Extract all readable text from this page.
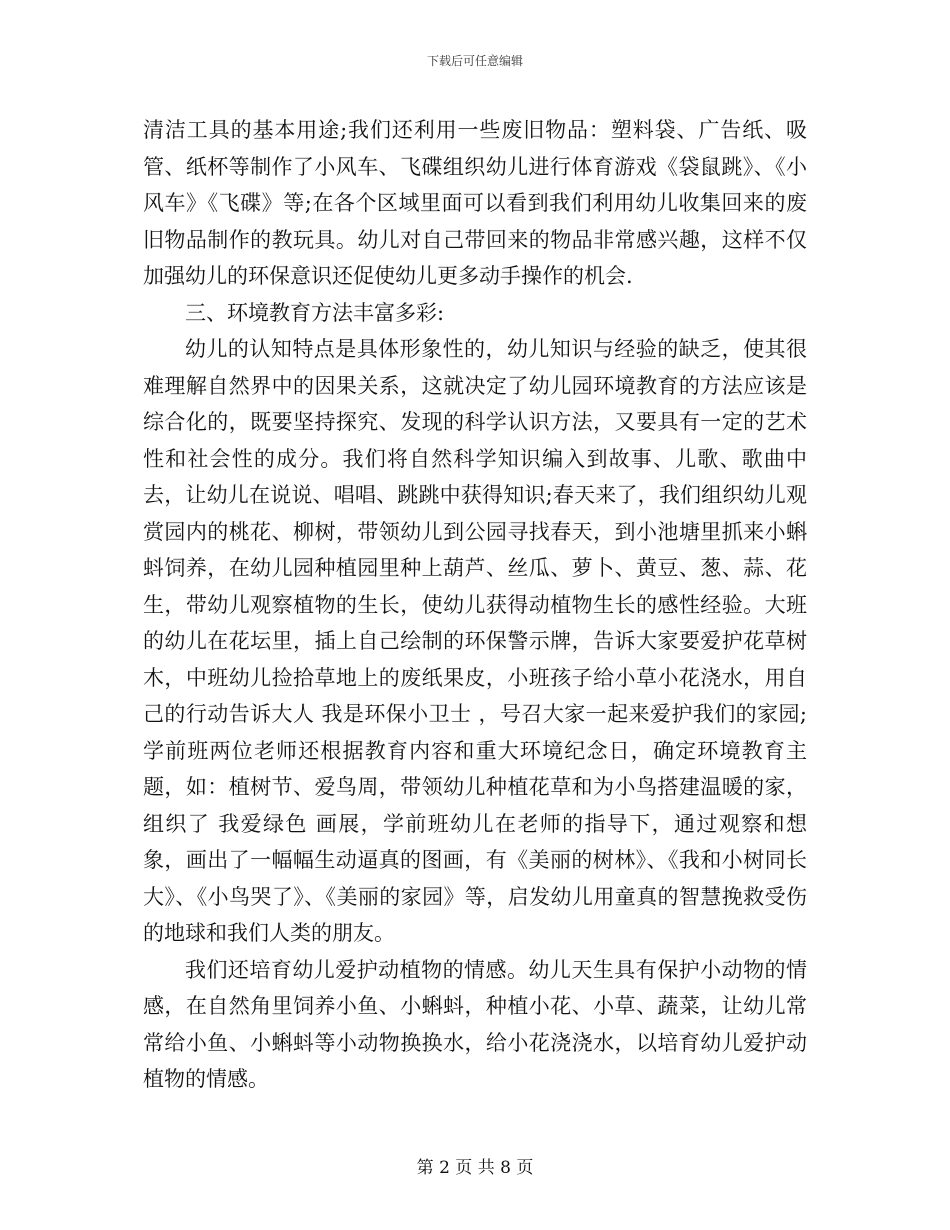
下载后可任意编辑

清洁工具的基本用途;我们还利用一些废旧物品：塑料袋、广告纸、吸管、纸杯等制作了小风车、飞碟组织幼儿进行体育游戏《袋鼠跳》、《小风车》《飞碟》等;在各个区域里面可以看到我们利用幼儿收集回来的废旧物品制作的教玩具。幼儿对自己带回来的物品非常感兴趣，这样不仅加强幼儿的环保意识还促使幼儿更多动手操作的机会.

三、环境教育方法丰富多彩:

幼儿的认知特点是具体形象性的，幼儿知识与经验的缺乏，使其很难理解自然界中的因果关系，这就决定了幼儿园环境教育的方法应该是综合化的，既要坚持探究、发现的科学认识方法，又要具有一定的艺术性和社会性的成分。我们将自然科学知识编入到故事、儿歌、歌曲中去，让幼儿在说说、唱唱、跳跳中获得知识;春天来了，我们组织幼儿观赏园内的桃花、柳树，带领幼儿到公园寻找春天，到小池塘里抓来小蝌蚪饲养，在幼儿园种植园里种上葫芦、丝瓜、萝卜、黄豆、葱、蒜、花生，带幼儿观察植物的生长，使幼儿获得动植物生长的感性经验。大班的幼儿在花坛里，插上自己绘制的环保警示牌，告诉大家要爱护花草树木，中班幼儿捡拾草地上的废纸果皮，小班孩子给小草小花浇水，用自己的行动告诉大人 我是环保小卫士 ，号召大家一起来爱护我们的家园;学前班两位老师还根据教育内容和重大环境纪念日，确定环境教育主题，如：植树节、爱鸟周，带领幼儿种植花草和为小鸟搭建温暖的家，组织了 我爱绿色 画展，学前班幼儿在老师的指导下，通过观察和想象，画出了一幅幅生动逼真的图画，有《美丽的树林》、《我和小树同长大》、《小鸟哭了》、《美丽的家园》等，启发幼儿用童真的智慧挽救受伤的地球和我们人类的朋友。

我们还培育幼儿爱护动植物的情感。幼儿天生具有保护小动物的情感，在自然角里饲养小鱼、小蝌蚪，种植小花、小草、蔬菜，让幼儿常常给小鱼、小蝌蚪等小动物换换水，给小花浇浇水，以培育幼儿爱护动植物的情感。

第 2 页 共 8 页
